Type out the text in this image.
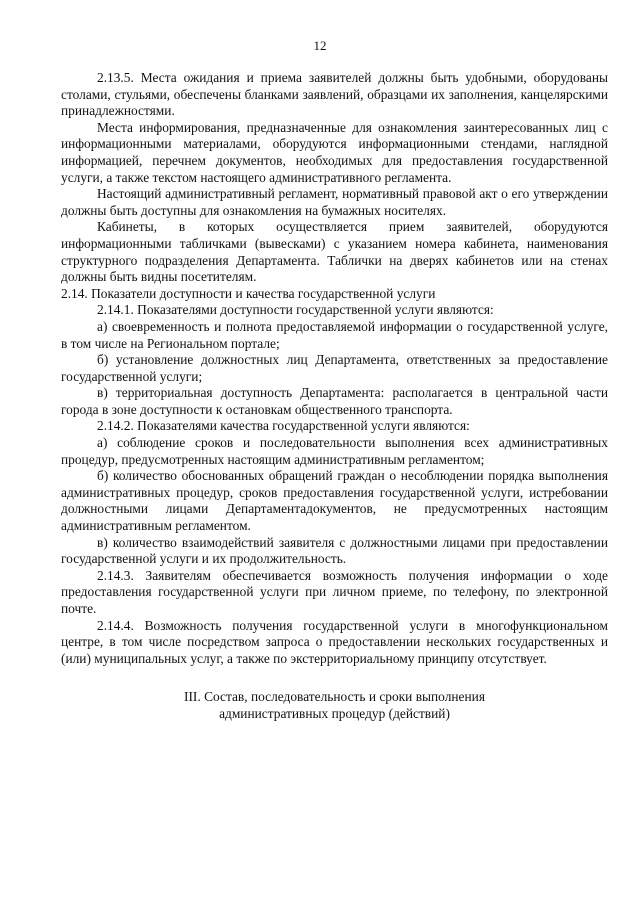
12

2.13.5. Места ожидания и приема заявителей должны быть удобными, оборудованы столами, стульями, обеспечены бланками заявлений, образцами их заполнения, канцелярскими принадлежностями.

Места информирования, предназначенные для ознакомления заинтересованных лиц с информационными материалами, оборудуются информационными стендами, наглядной информацией, перечнем документов, необходимых для предоставления государственной услуги, а также текстом настоящего административного регламента.

Настоящий административный регламент, нормативный правовой акт о его утверждении должны быть доступны для ознакомления на бумажных носителях.

Кабинеты, в которых осуществляется прием заявителей, оборудуются информационными табличками (вывесками) с указанием номера кабинета, наименования структурного подразделения Департамента. Таблички на дверях кабинетов или на стенах должны быть видны посетителям.

2.14. Показатели доступности и качества государственной услуги

2.14.1. Показателями доступности государственной услуги являются:

а) своевременность и полнота предоставляемой информации о государственной услуге, в том числе на Региональном портале;

б) установление должностных лиц Департамента, ответственных за предоставление государственной услуги;

в) территориальная доступность Департамента: располагается в центральной части города в зоне доступности к остановкам общественного транспорта.

2.14.2. Показателями качества государственной услуги являются:

а) соблюдение сроков и последовательности выполнения всех административных процедур, предусмотренных настоящим административным регламентом;

б) количество обоснованных обращений граждан о несоблюдении порядка выполнения административных процедур, сроков предоставления государственной услуги, истребовании должностными лицами Департаментадокументов, не предусмотренных настоящим административным регламентом.

в) количество взаимодействий заявителя с должностными лицами при предоставлении государственной услуги и их продолжительность.

2.14.3. Заявителям обеспечивается возможность получения информации о ходе предоставления государственной услуги при личном приеме, по телефону, по электронной почте.

2.14.4. Возможность получения государственной услуги в многофункциональном центре, в том числе посредством запроса о предоставлении нескольких государственных и (или) муниципальных услуг, а также по экстерриториальному принципу отсутствует.

III. Состав, последовательность и сроки выполнения
административных процедур (действий)
